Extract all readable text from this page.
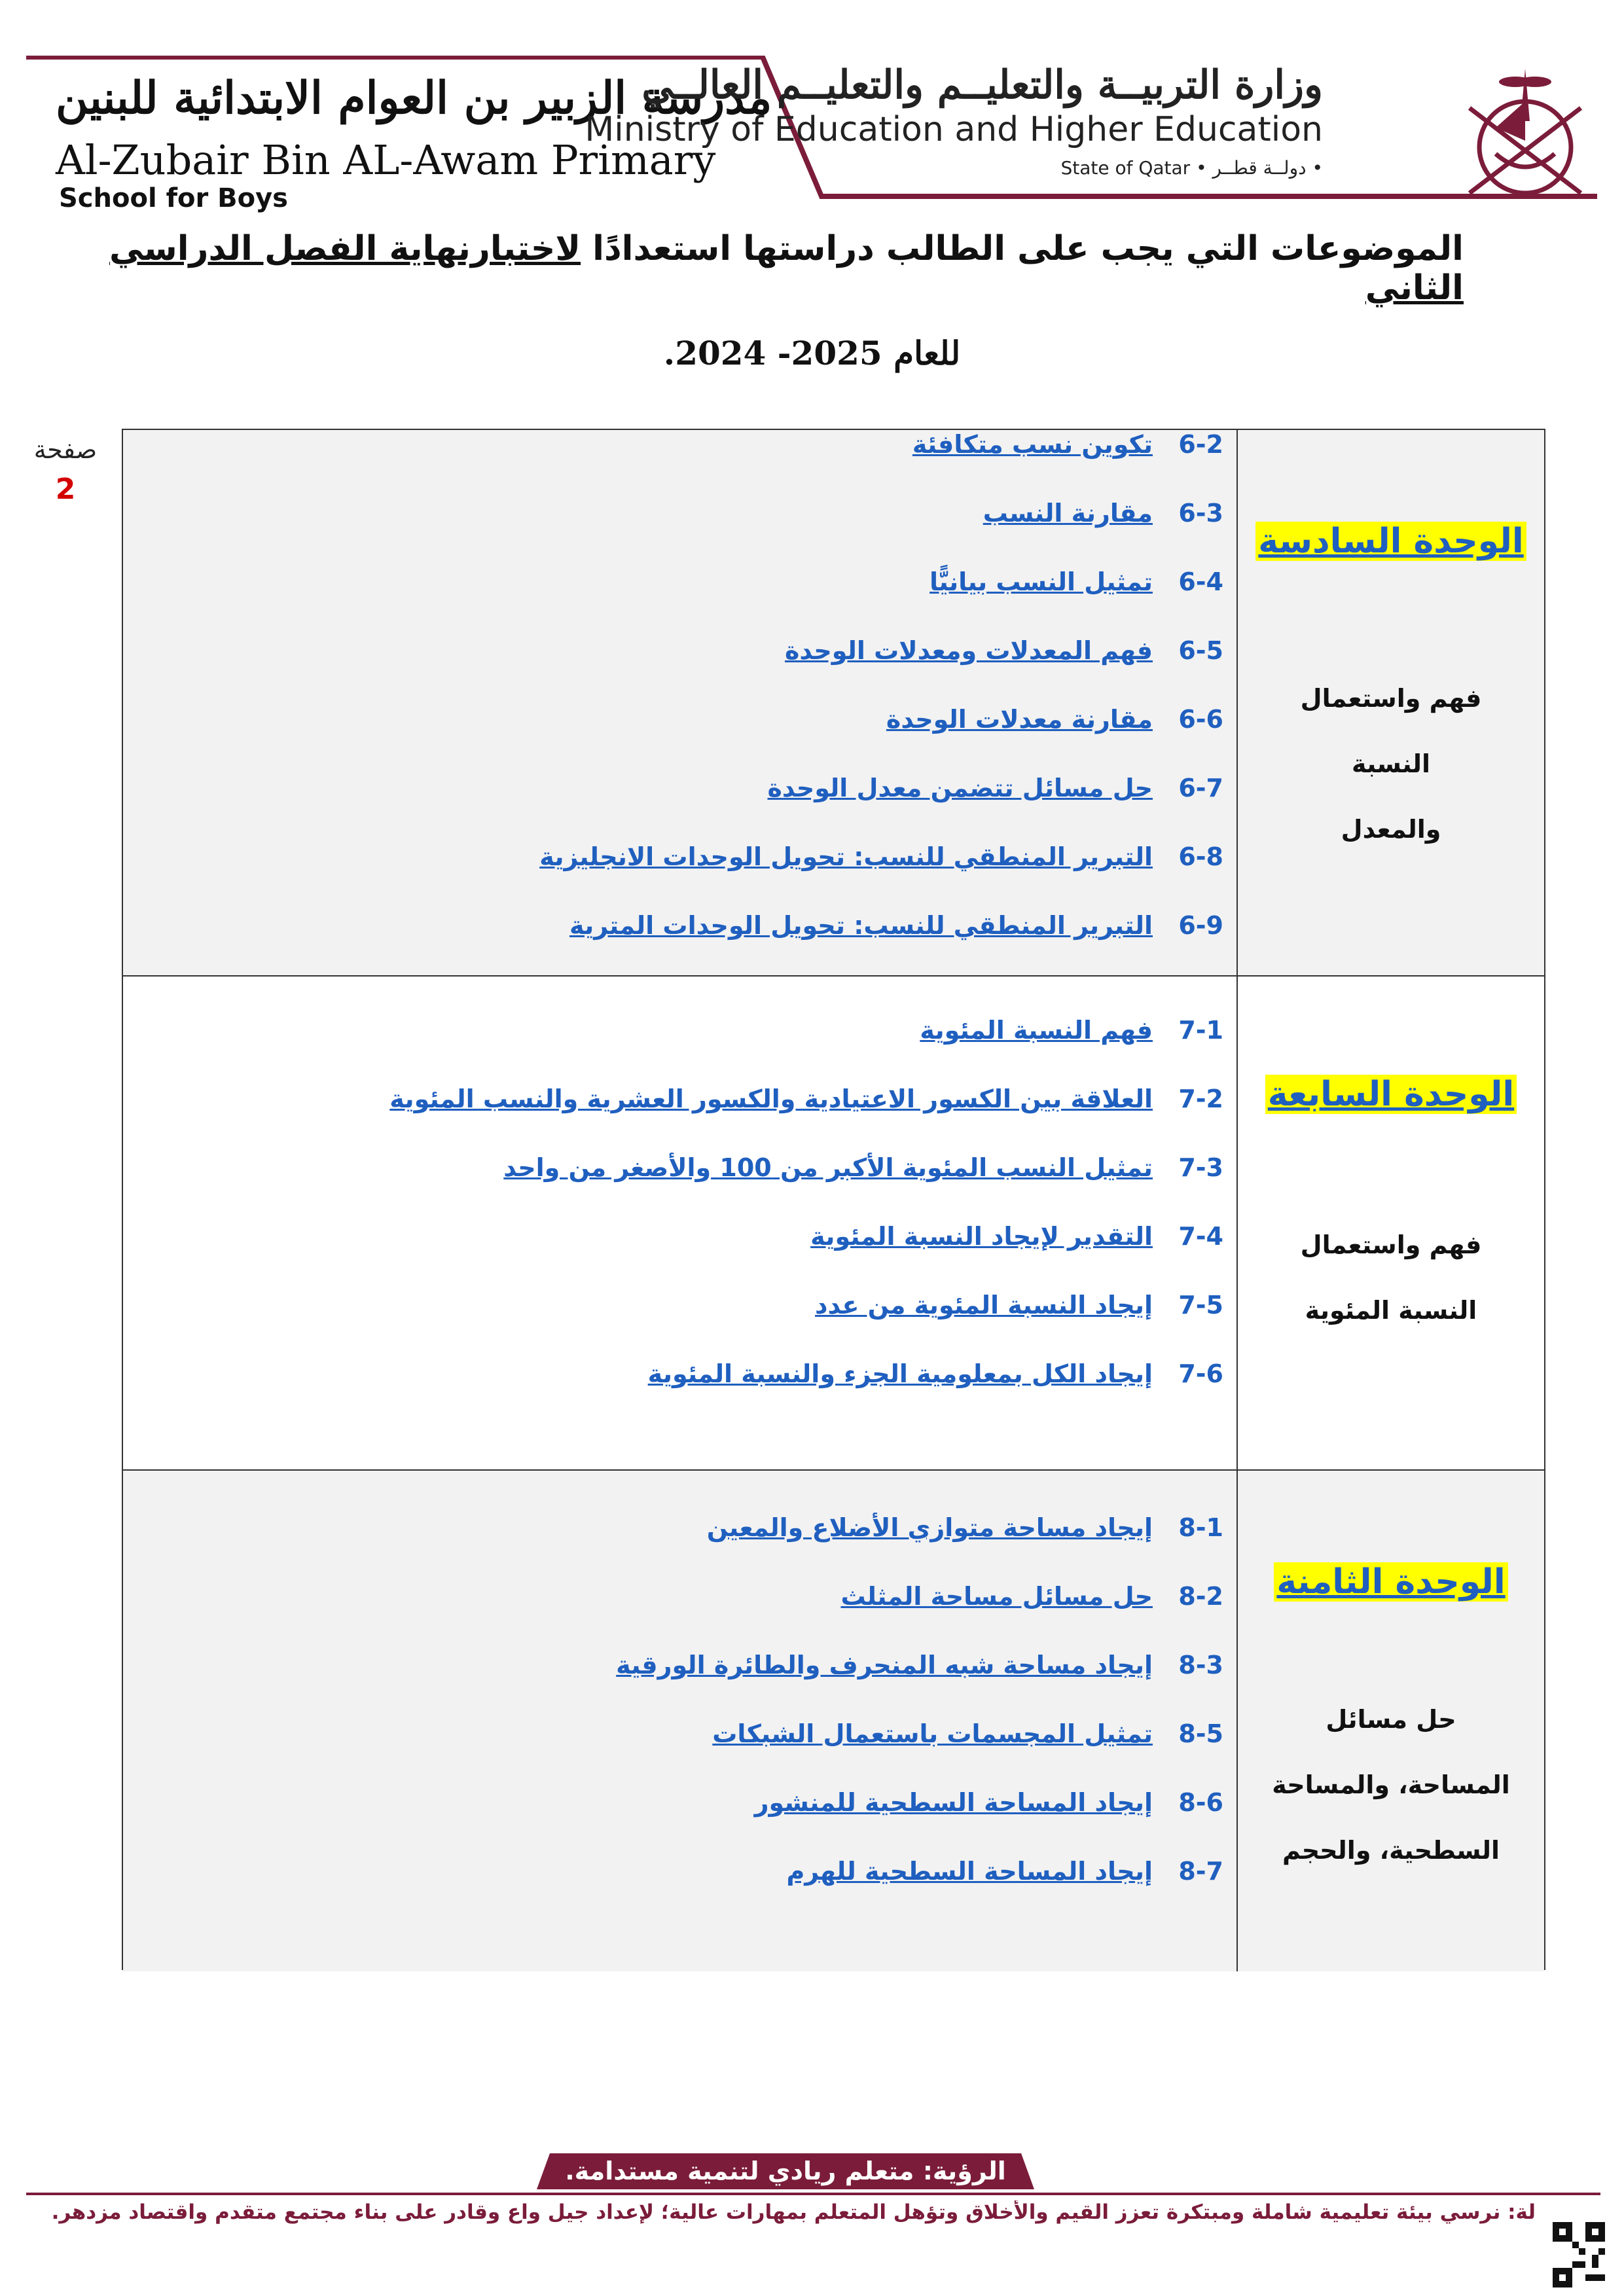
مدرسة الزبير بن العوام الابتدائية للبنين
Al-Zubair Bin AL-Awam Primary
School for Boys
وزارة التربيــة والتعليــم والتعليــم العالــي
Ministry of Education and Higher Education
State of Qatar • دولــة قطــر •
الموضوعات التي يجب على الطالب دراستها استعدادًا لاختبارنهاية الفصل الدراسي الثاني
للعام 2025- 2024.
صفحة
2
الوحدة السادسة
فهم واستعمال النسبة
والمعدل
6-2تكوين نسب متكافئة
6-3مقارنة النسب
6-4تمثيل النسب بيانيًّا
6-5فهم المعدلات ومعدلات الوحدة
6-6مقارنة معدلات الوحدة
6-7حل مسائل تتضمن معدل الوحدة
6-8التبرير المنطقي للنسب: تحويل الوحدات الانجليزية
6-9التبرير المنطقي للنسب: تحويل الوحدات المترية
الوحدة السابعة
فهم واستعمال
النسبة المئوية
7-1فهم النسبة المئوية
7-2العلاقة بين الكسور الاعتيادية والكسور العشرية والنسب المئوية
7-3تمثيل النسب المئوية الأكبر من 100 والأصغر من واحد
7-4التقدير لإيجاد النسبة المئوية
7-5إيجاد النسبة المئوية من عدد
7-6إيجاد الكل بمعلومية الجزء والنسبة المئوية
الوحدة الثامنة
حل مسائل
المساحة، والمساحة
السطحية، والحجم
8-1إيجاد مساحة متوازي الأضلاع والمعين
8-2حل مسائل مساحة المثلث
8-3إيجاد مساحة شبه المنحرف والطائرة الورقية
8-5تمثيل المجسمات باستعمال الشبكات
8-6إيجاد المساحة السطحية للمنشور
8-7إيجاد المساحة السطحية للهرم
الرؤية: متعلم ريادي لتنمية مستدامة.
لة: نرسي بيئة تعليمية شاملة ومبتكرة تعزز القيم والأخلاق وتؤهل المتعلم بمهارات عالية؛ لإعداد جيل واعٍ وقادرٍ على بناء مجتمع متقدم واقتصاد مزدهر.
